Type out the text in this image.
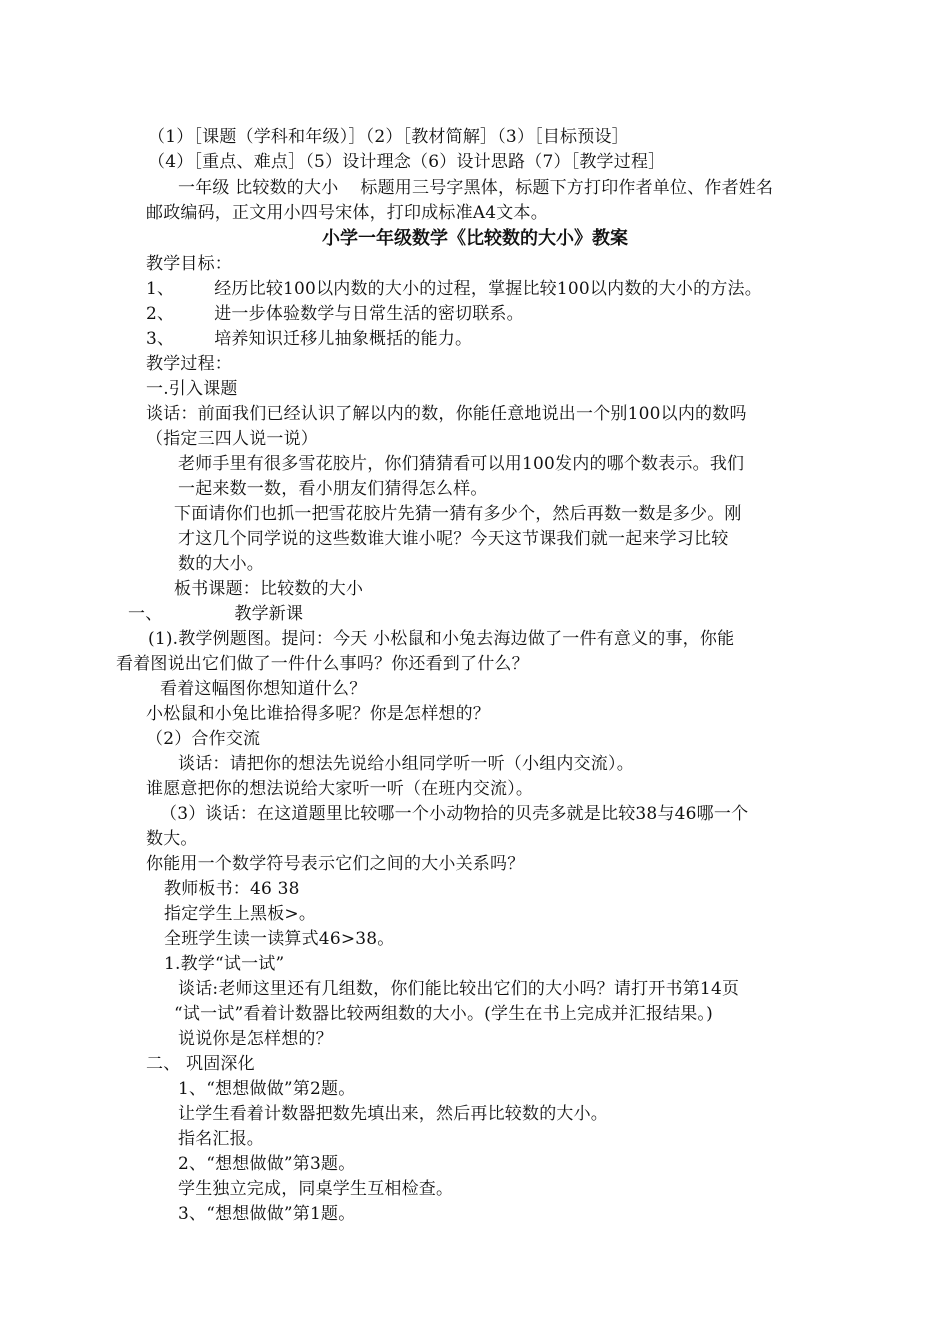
（1）［课题（学科和年级）］（2）［教材简解］（3）［目标预设］
（4）［重点、难点］（5）设计理念（6）设计思路（7）［教学过程］
一年级 比较数的大小 标题用三号字黑体，标题下方打印作者单位、作者姓名
邮政编码，正文用小四号宋体，打印成标准A4文本。
小学一年级数学《比较数的大小》教案
教学目标：
1、 经历比较100以内数的大小的过程，掌握比较100以内数的大小的方法。
2、 进一步体验数学与日常生活的密切联系。
3、 培养知识迁移儿抽象概括的能力。
教学过程：
一.引入课题
谈话：前面我们已经认识了解以内的数，你能任意地说出一个别100以内的数吗
（指定三四人说一说）
老师手里有很多雪花胶片，你们猜猜看可以用100发内的哪个数表示。我们
一起来数一数，看小朋友们猜得怎么样。
下面请你们也抓一把雪花胶片先猜一猜有多少个，然后再数一数是多少。刚
才这几个同学说的这些数谁大谁小呢？今天这节课我们就一起来学习比较
数的大小。
板书课题：比较数的大小
一、	教学新课
(1).教学例题图。提问：今天 小松鼠和小兔去海边做了一件有意义的事，你能
看着图说出它们做了一件什么事吗？你还看到了什么？
看着这幅图你想知道什么？
小松鼠和小兔比谁拾得多呢？你是怎样想的？
（2）合作交流
谈话：请把你的想法先说给小组同学听一听（小组内交流）。
谁愿意把你的想法说给大家听一听（在班内交流）。
（3）谈话：在这道题里比较哪一个小动物拾的贝壳多就是比较38与46哪一个
数大。
你能用一个数学符号表示它们之间的大小关系吗？
教师板书：46 38
指定学生上黑板>。
全班学生读一读算式46>38。
1.教学“试一试”
谈话:老师这里还有几组数，你们能比较出它们的大小吗？请打开书第14页
“试一试”看着计数器比较两组数的大小。(学生在书上完成并汇报结果。)
说说你是怎样想的？
二、 巩固深化
1、“想想做做”第2题。
让学生看着计数器把数先填出来，然后再比较数的大小。
指名汇报。
2、“想想做做”第3题。
学生独立完成，同桌学生互相检查。
3、“想想做做”第1题。
